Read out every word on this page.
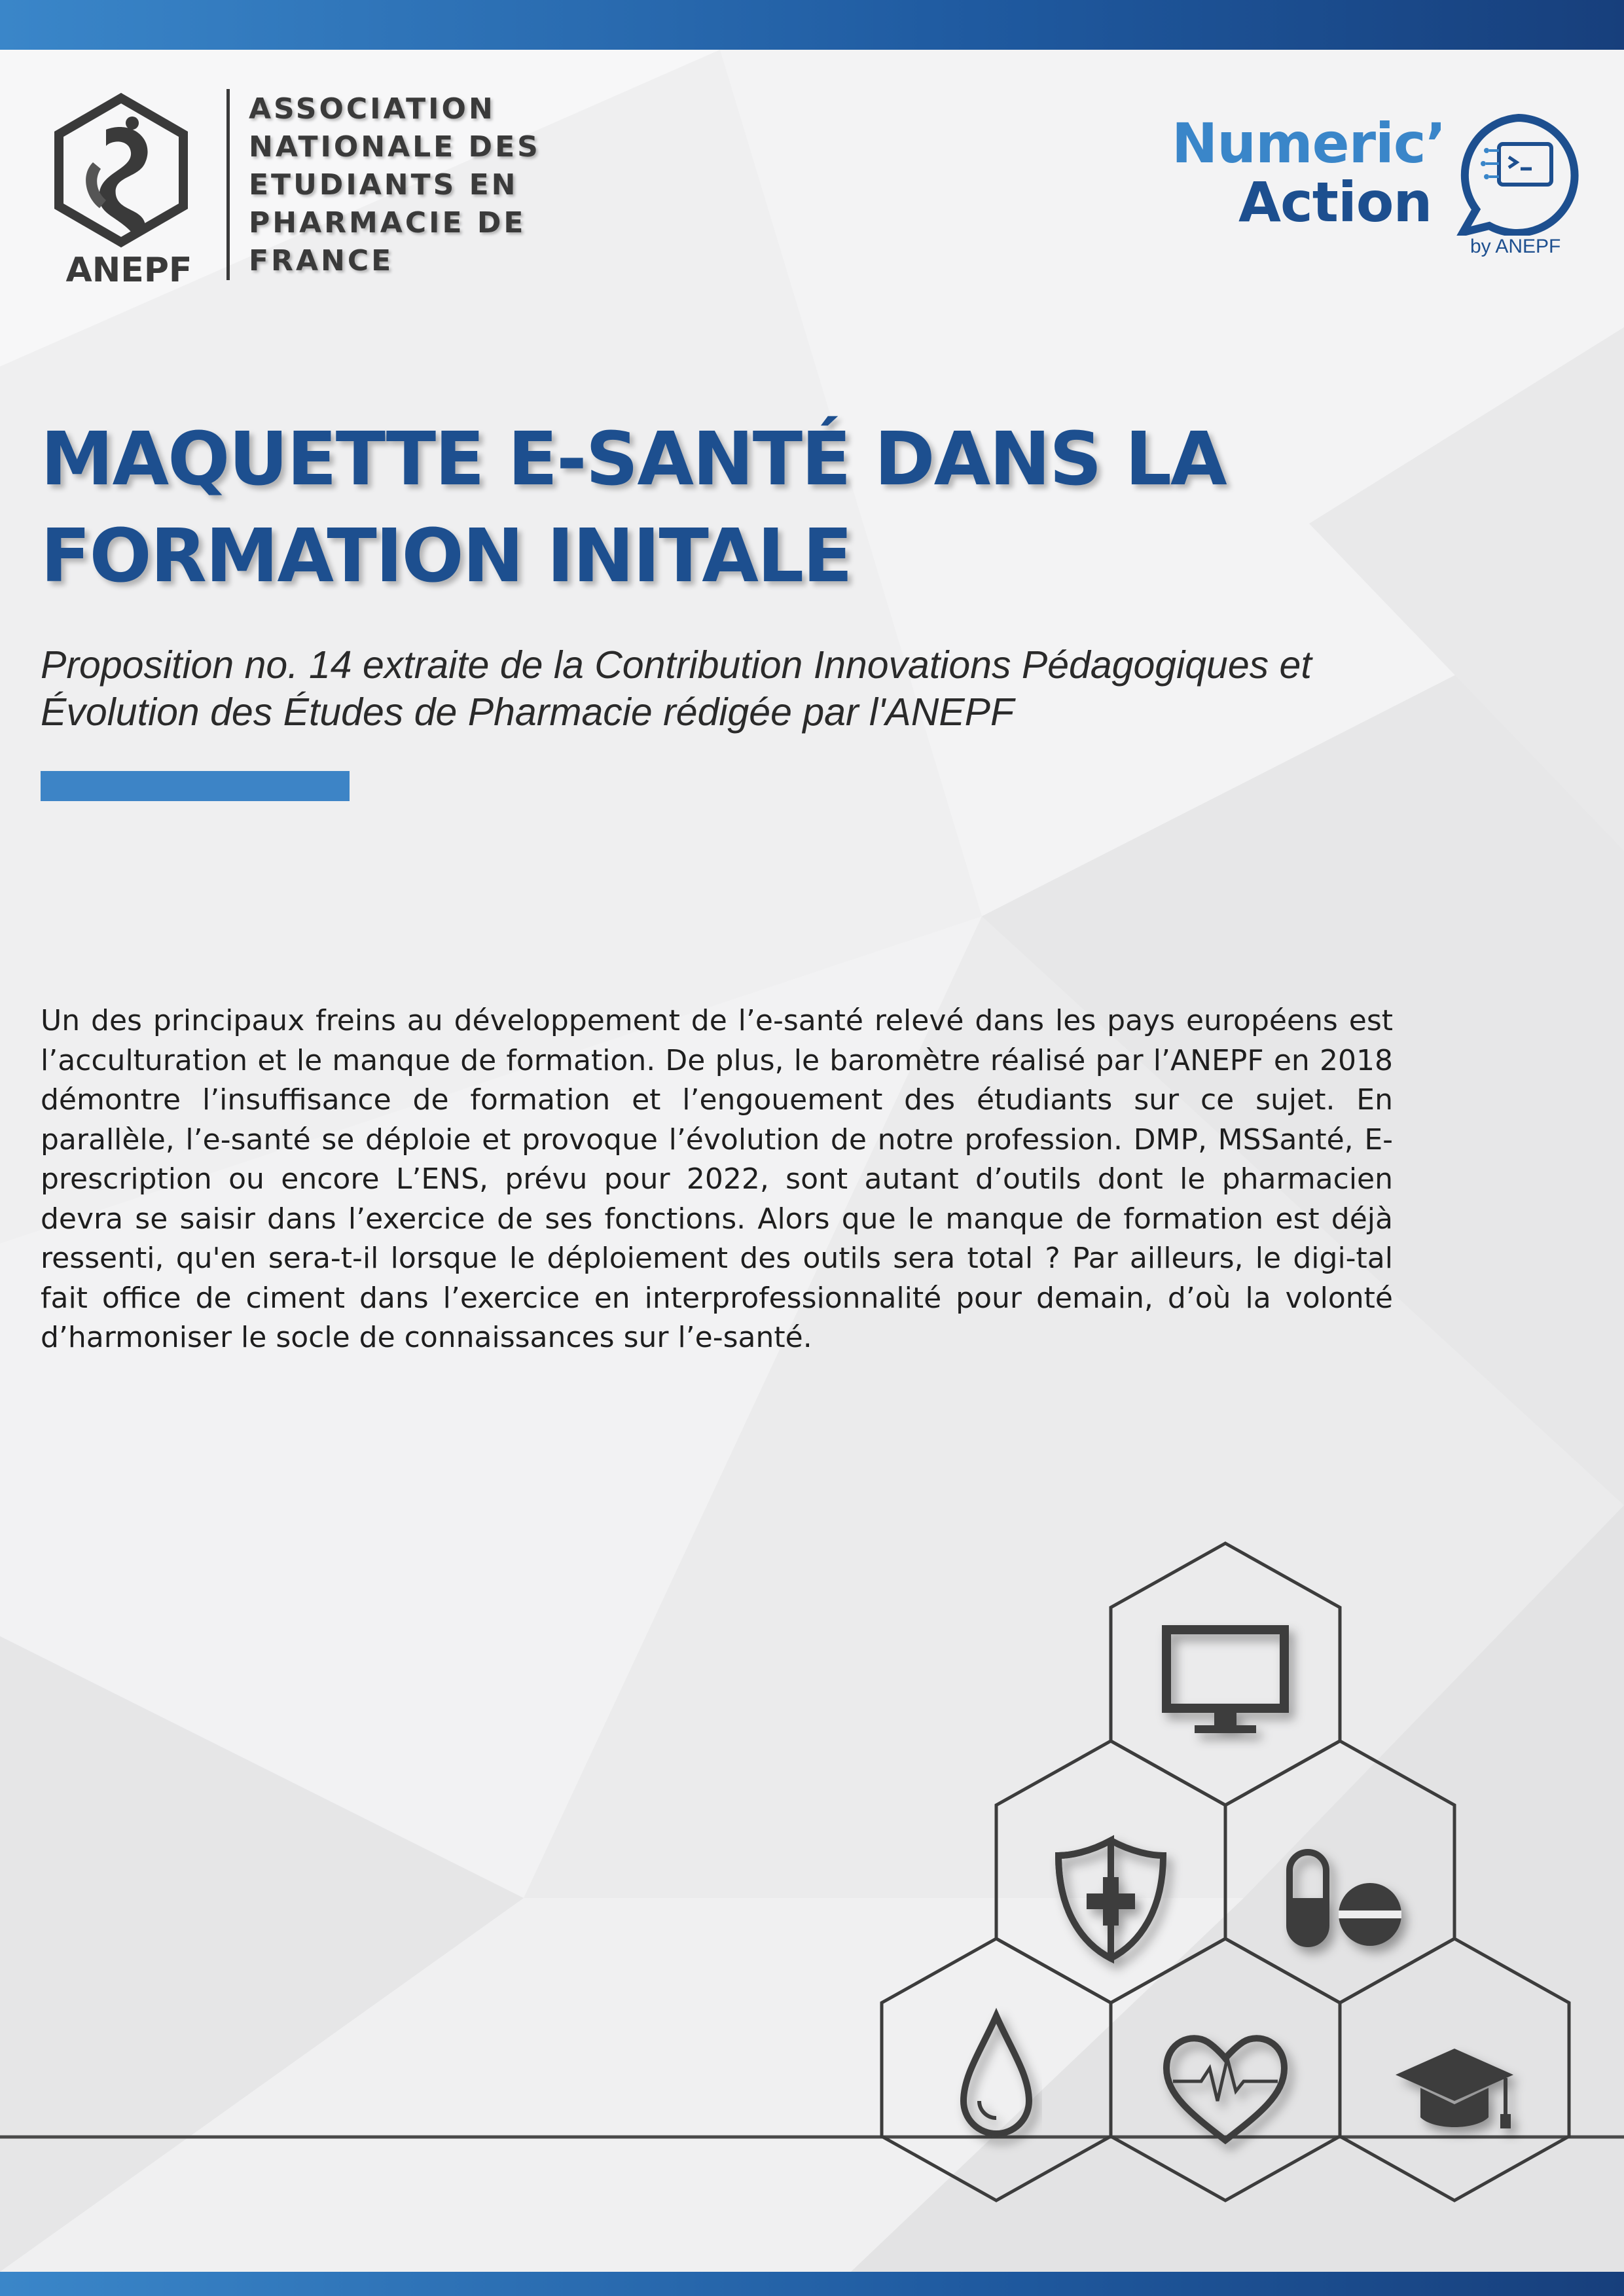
ANEPF
ASSOCIATION
NATIONALE DES
ETUDIANTS EN
PHARMACIE DE
FRANCE
Numeric’
Action
by ANEPF
MAQUETTE E-SANTÉ DANS LA
FORMATION INITALE
Proposition no. 14 extraite de la Contribution Innovations Pédagogiques et Évolution des Études de Pharmacie rédigée par l'ANEPF
Un des principaux freins au développement de l’e-santé relevé dans les pays européens est l’acculturation et le manque de formation. De plus, le baromètre réalisé par l’ANEPF en 2018 démontre l’insuffisance de formation et l’engouement des étudiants sur ce sujet. En parallèle, l’e-santé se déploie et provoque l’évolution de notre profession. DMP, MSSanté, E-prescription ou encore L’ENS, prévu pour 2022, sont autant d’outils dont le pharmacien devra se saisir dans l’exercice de ses fonctions. Alors que le manque de formation est déjà ressenti, qu'en sera-t-il lorsque le déploiement des outils sera total ? Par ailleurs, le digi-tal fait office de ciment dans l’exercice en interprofessionnalité pour demain, d’où la volonté d’harmoniser le socle de connaissances sur l’e-santé.
